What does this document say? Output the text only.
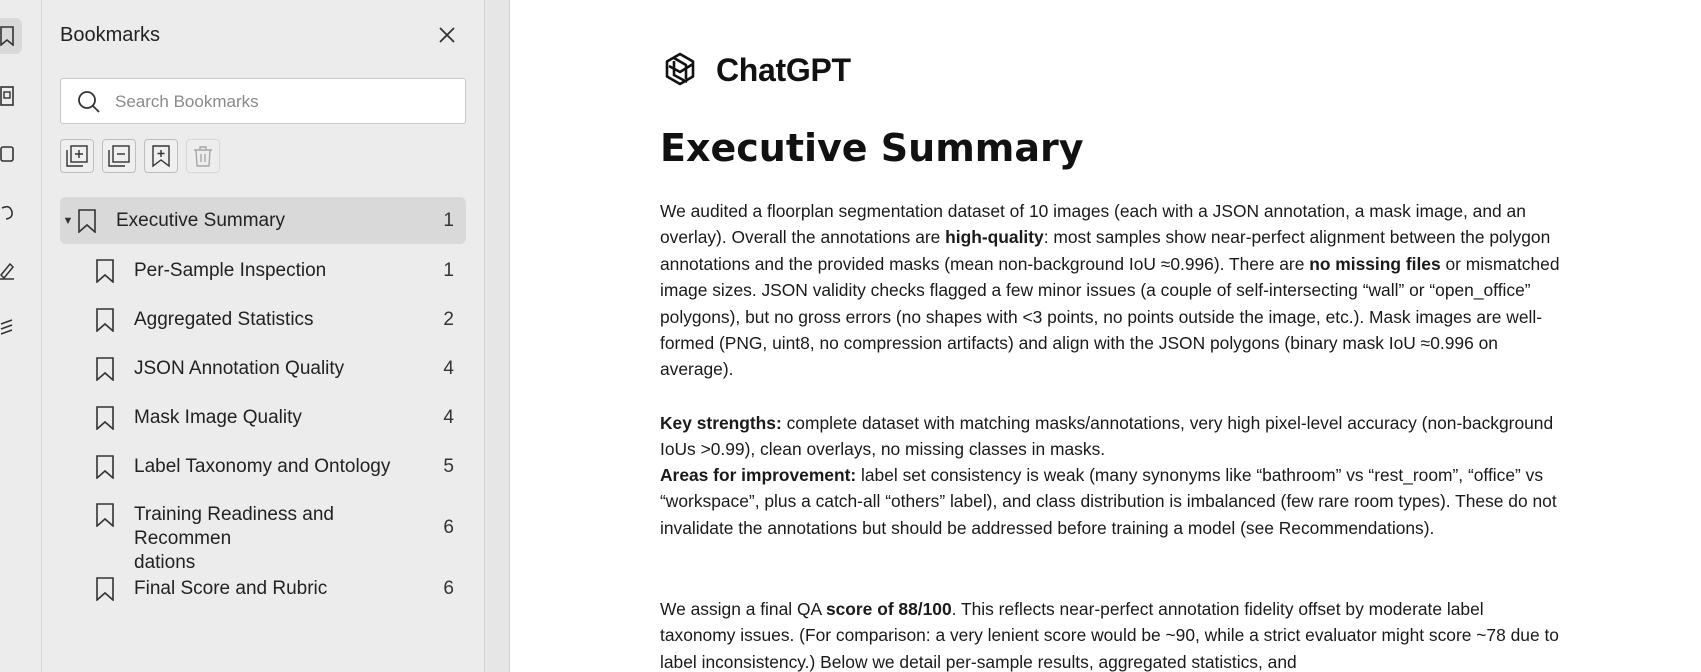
Bookmarks
Search Bookmarks
▼ Executive Summary	1
Per-Sample Inspection	1
Aggregated Statistics	2
JSON Annotation Quality	4
Mask Image Quality	4
Label Taxonomy and Ontology	5
Training Readiness and Recommen
dations
6
Final Score and Rubric	6
ChatGPT
Executive Summary

We audited a floorplan segmentation dataset of 10 images (each with a JSON annotation, a mask image, and an overlay). Overall the annotations are high-quality: most samples show near-perfect alignment between the polygon annotations and the provided masks (mean non-background IoU ≈0.996). There are no missing files or mismatched image sizes. JSON validity checks flagged a few minor issues (a couple of self-intersecting “wall” or “open_office” polygons), but no gross errors (no shapes with <3 points, no points outside the image, etc.). Mask images are well-formed (PNG, uint8, no compression artifacts) and align with the JSON polygons (binary mask IoU ≈0.996 on average).

Key strengths: complete dataset with matching masks/annotations, very high pixel-level accuracy (non-background IoUs >0.99), clean overlays, no missing classes in masks.

Areas for improvement: label set consistency is weak (many synonyms like “bathroom” vs “rest_room”, “office” vs “workspace”, plus a catch-all “others” label), and class distribution is imbalanced (few rare room types). These do not invalidate the annotations but should be addressed before training a model (see Recommendations).

We assign a final QA score of 88/100. This reflects near-perfect annotation fidelity offset by moderate label taxonomy issues. (For comparison: a very lenient score would be ~90, while a strict evaluator might score ~78 due to label inconsistency.) Below we detail per-sample results, aggregated statistics, and
